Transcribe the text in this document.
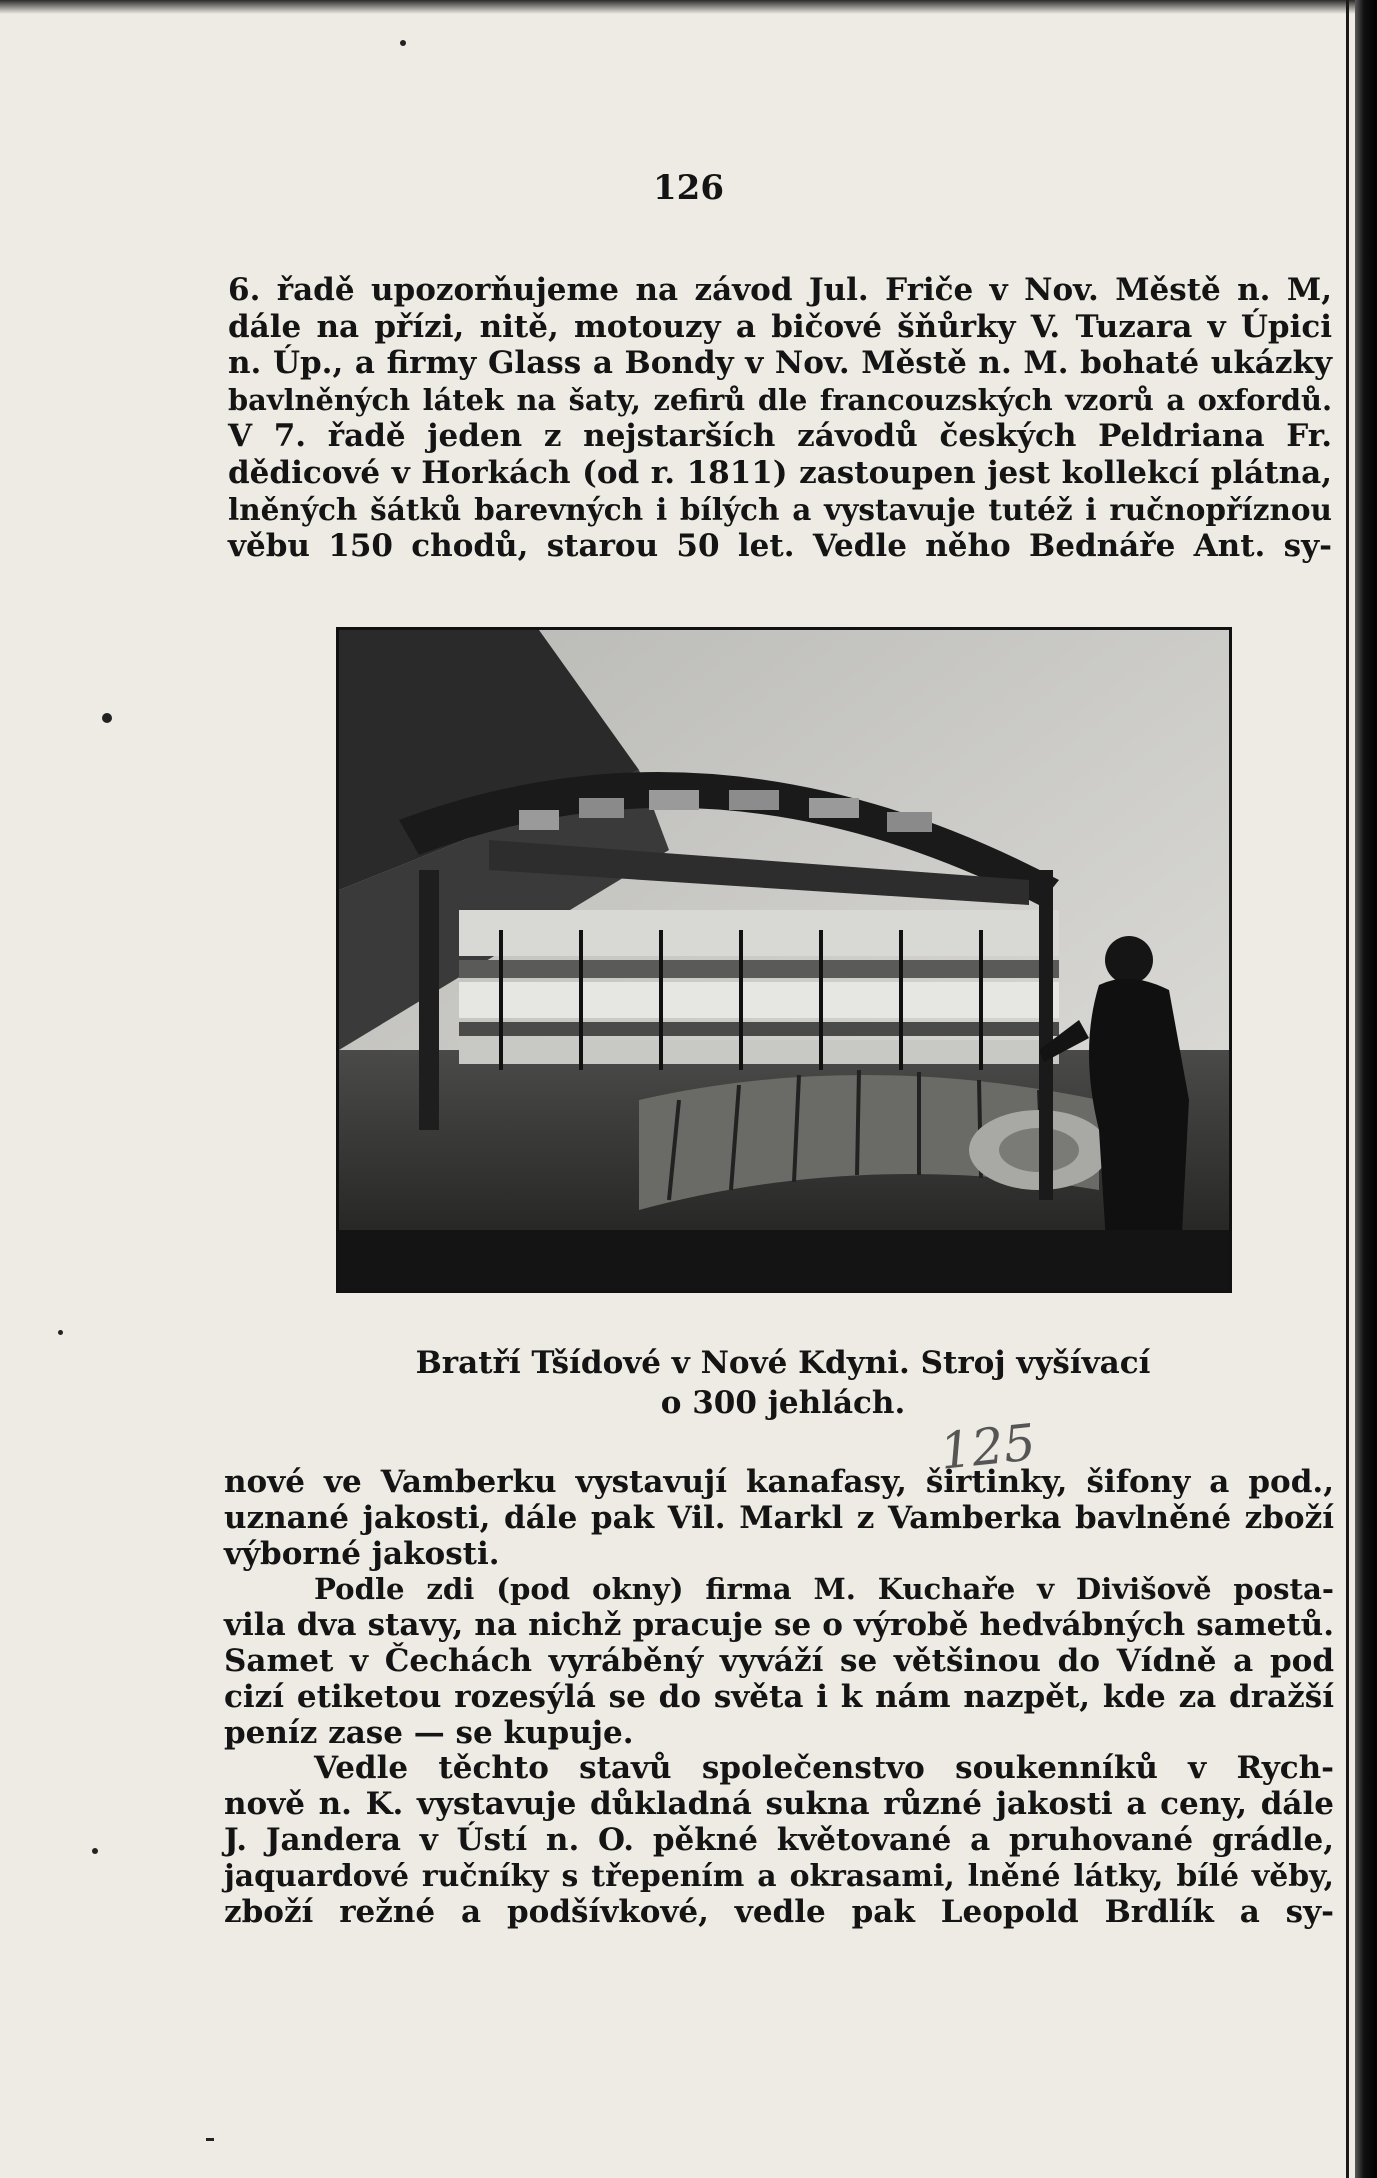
126
6. řadě upozorňujeme na závod Jul. Friče v Nov. Městě n. M,
dále na přízi, nitě, motouzy a bičové šňůrky V. Tuzara v Úpici
n. Úp., a firmy Glass a Bondy v Nov. Městě n. M. bohaté ukázky
bavlněných látek na šaty, zefirů dle francouzských vzorů a oxfordů.
V 7. řadě jeden z nejstarších závodů českých Peldriana Fr.
dědicové v Horkách (od r. 1811) zastoupen jest kollekcí plátna,
lněných šátků barevných i bílých a vystavuje tutéž i ručnopříznou
věbu 150 chodů, starou 50 let. Vedle něho Bednáře Ant. sy-
Bratří Tšídové v Nové Kdyni. Stroj vyšívací
o 300 jehlách.
125
nové ve Vamberku vystavují kanafasy, širtinky, šifony a pod.,
uznané jakosti, dále pak Vil. Markl z Vamberka bavlněné zboží
výborné jakosti.
Podle zdi (pod okny) firma M. Kuchaře v Divišově posta-
vila dva stavy, na nichž pracuje se o výrobě hedvábných sametů.
Samet v Čechách vyráběný vyváží se většinou do Vídně a pod
cizí etiketou rozesýlá se do světa i k nám nazpět, kde za dražší
peníz zase — se kupuje.
Vedle těchto stavů společenstvo soukenníků v Rych-
nově n. K. vystavuje důkladná sukna různé jakosti a ceny, dále
J. Jandera v Ústí n. O. pěkné květované a pruhované grádle,
jaquardové ručníky s třepením a okrasami, lněné látky, bílé věby,
zboží režné a podšívkové, vedle pak Leopold Brdlík a sy-
